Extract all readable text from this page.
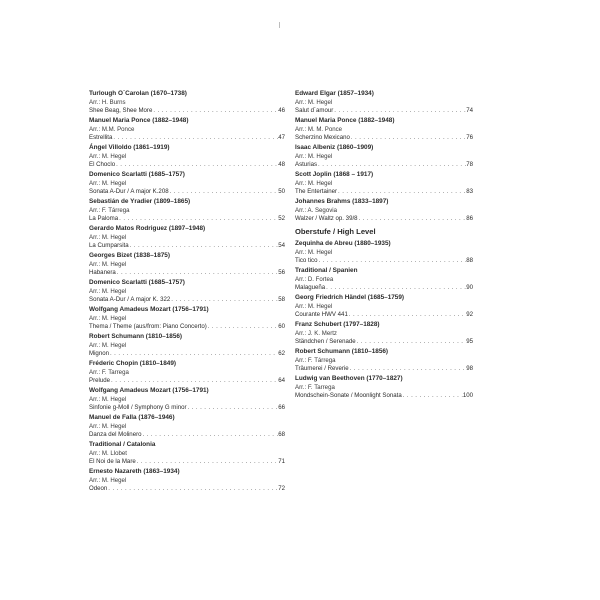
Turlough O´Carolan (1670–1738)
Arr.: H. Burns
Shee Beag, Shee More . . .	46
Manuel Maria Ponce (1882–1948)
Arr.: M.M. Ponce
Estrellita . . .	47
Ángel Villoldo (1861–1919)
Arr.: M. Hegel
El Choclo . . .	48
Domenico Scarlatti (1685–1757)
Arr.: M. Hegel
Sonata A-Dur / A major K.208 . . .	50
Sebastián de Yradier (1809–1865)
Arr.: F. Tárrega
La Paloma . . .	52
Gerardo Matos Rodriguez (1897–1948)
Arr.: M. Hegel
La Cumparsita . . .	54
Georges Bizet (1838–1875)
Arr.: M. Hegel
Habanera . . .	56
Domenico Scarlatti (1685–1757)
Arr.: M. Hegel
Sonata A-Dur / A major K. 322 . . .	58
Wolfgang Amadeus Mozart (1756–1791)
Arr.: M. Hegel
Thema / Theme (aus/from: Piano Concerto) . . .	60
Robert Schumann (1810–1856)
Arr.: M. Hegel
Mignon . . .	62
Fréderic Chopin (1810–1849)
Arr.: F. Tarrega
Prelude . . .	64
Wolfgang Amadeus Mozart (1756–1791)
Arr.: M. Hegel
Sinfonie g-Moll / Symphony G minor . . .	66
Manuel de Falla (1876–1946)
Arr.: M. Hegel
Danza del Molinero . . .	68
Traditional / Catalonia
Arr.: M. Llobet
El Noi de la Mare . . .	71
Ernesto Nazareth (1863–1934)
Arr.: M. Hegel
Odeon . . .	72
Edward Elgar (1857–1934)
Arr.: M. Hegel
Salut d´amour . . .	74
Manuel Maria Ponce (1882–1948)
Arr.: M. M. Ponce
Scherzino Mexicano . . .	76
Isaac Albeniz (1860–1909)
Arr.: M. Hegel
Asturias . . .	78
Scott Joplin (1868 – 1917)
Arr.: M. Hegel
The Entertainer . . .	83
Johannes Brahms (1833–1897)
Arr.: A. Segovia
Walzer / Waltz op. 39/8 . . .	86
Oberstufe / High Level
Zequinha de Abreu (1880–1935)
Arr.: M. Hegel
Tico tico . . .	88
Traditional / Spanien
Arr.: D. Fortea
Malagueña . . .	90
Georg Friedrich Händel (1685–1759)
Arr.: M. Hegel
Courante HWV 441 . . .	92
Franz Schubert (1797–1828)
Arr.: J. K. Mertz
Ständchen / Serenade . . .	95
Robert Schumann (1810–1856)
Arr.: F. Tárrega
Träumerei / Reverie . . .	98
Ludwig van Beethoven (1770–1827)
Arr.: F. Tarrega
Mondschein-Sonate / Moonlight Sonata . . .	100
